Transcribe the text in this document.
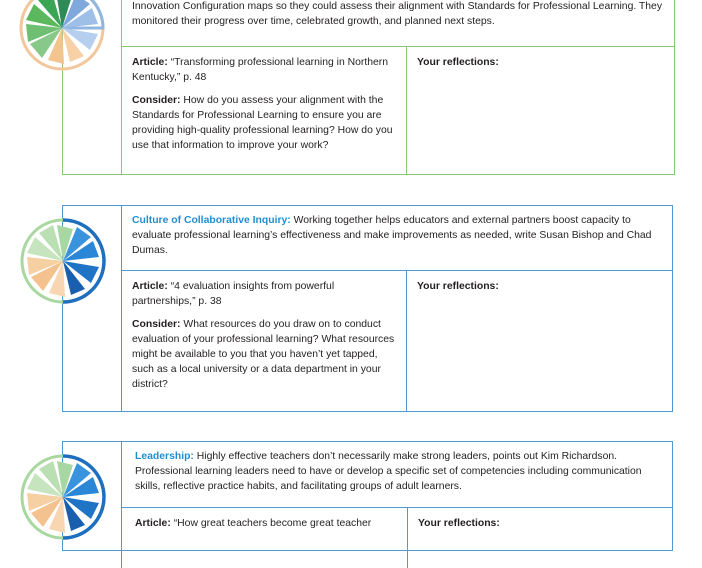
Innovation Configuration maps so they could assess their alignment with Standards for Professional Learning. They monitored their progress over time, celebrated growth, and planned next steps.

Article: “Transforming professional learning in Northern Kentucky,” p. 48

Consider: How do you assess your alignment with the Standards for Professional Learning to ensure you are providing high-quality professional learning? How do you use that information to improve your work?

Your reflections:

Culture of Collaborative Inquiry: Working together helps educators and external partners boost capacity to evaluate professional learning’s effectiveness and make improvements as needed, write Susan Bishop and Chad Dumas.

Article: “4 evaluation insights from powerful partnerships,” p. 38

Consider: What resources do you draw on to conduct evaluation of your professional learning? What resources might be available to you that you haven’t yet tapped, such as a local university or a data department in your district?

Your reflections:

Leadership: Highly effective teachers don’t necessarily make strong leaders, points out Kim Richardson. Professional learning leaders need to have or develop a specific set of competencies including communication skills, reflective practice habits, and facilitating groups of adult learners.

Article: “How great teachers become great teacher	Your reflections:
